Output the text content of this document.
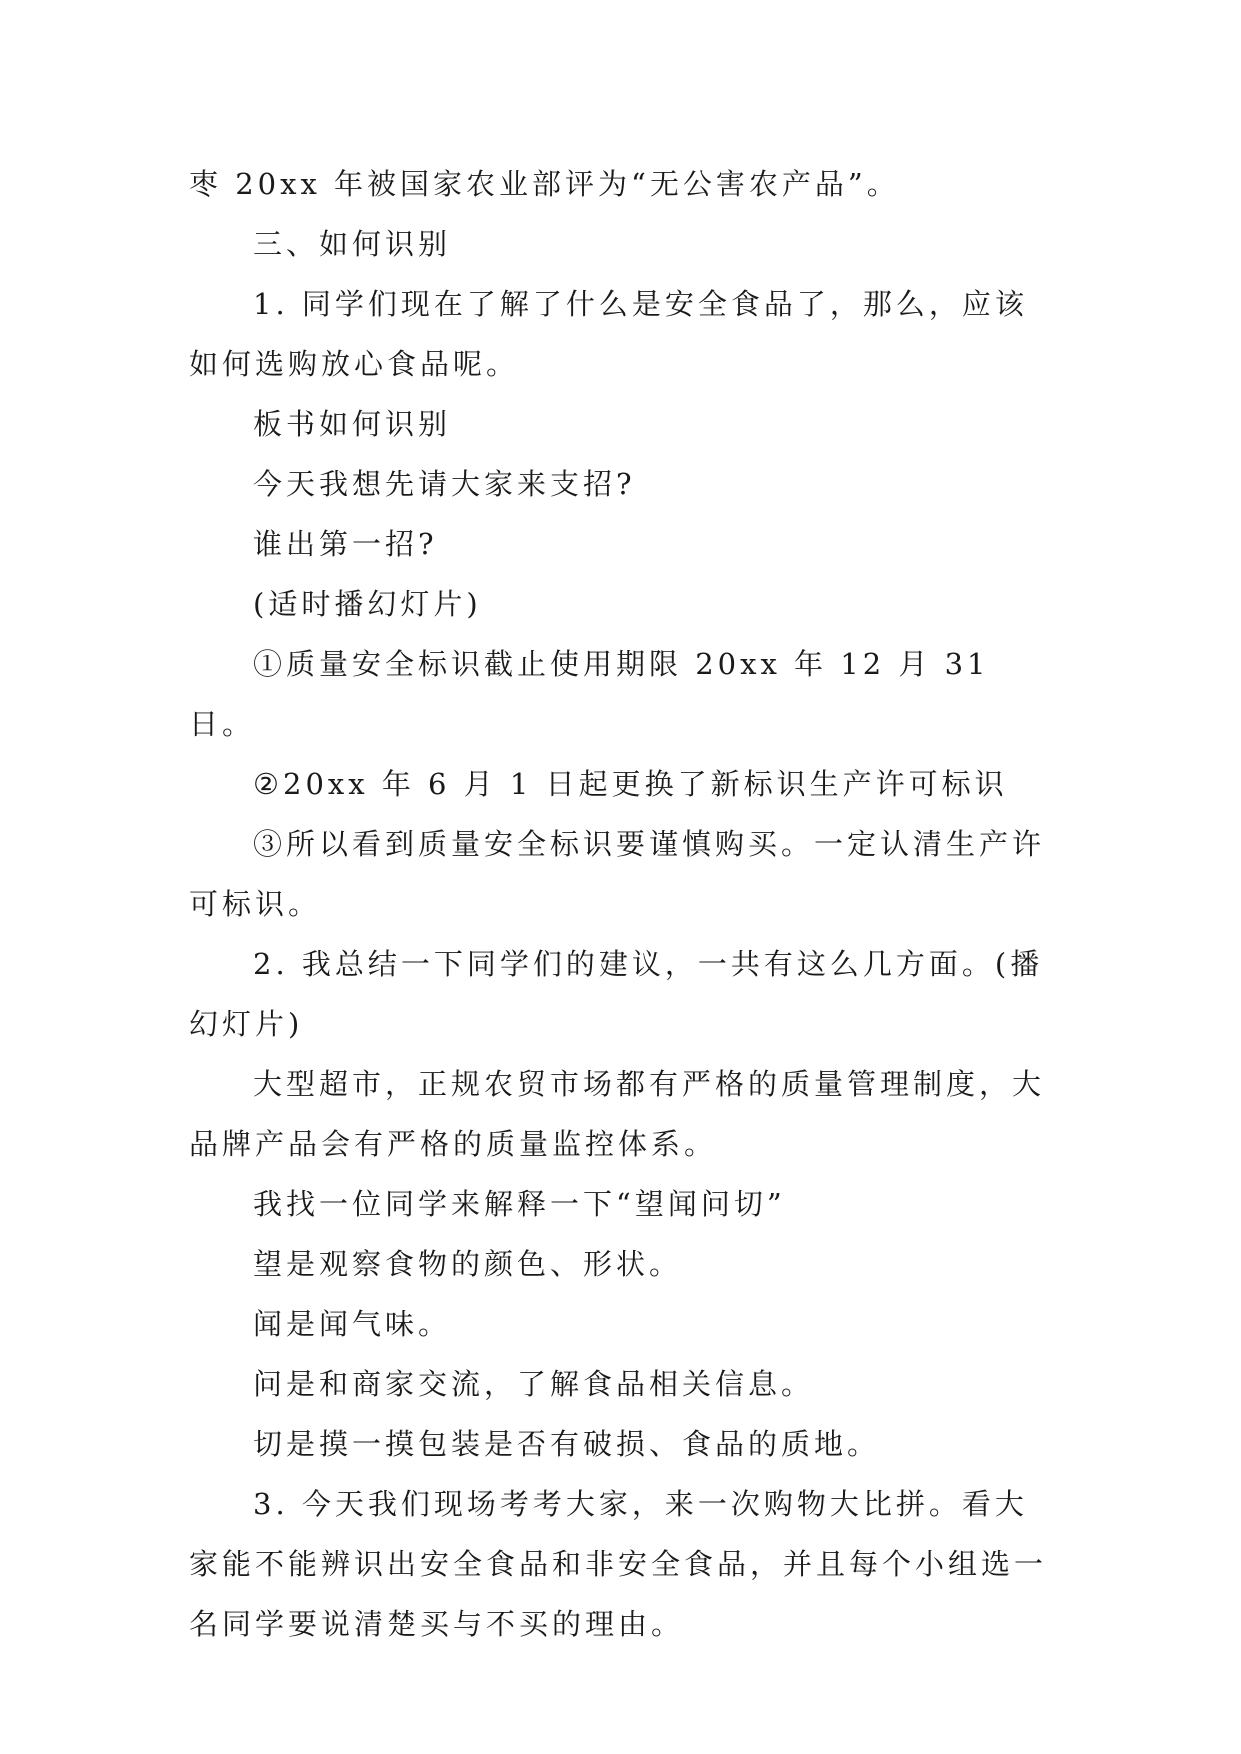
枣 20xx 年被国家农业部评为“无公害农产品”。

三、如何识别

1. 同学们现在了解了什么是安全食品了，那么，应该如何选购放心食品呢。

板书如何识别

今天我想先请大家来支招?

谁出第一招?

(适时播幻灯片)

①质量安全标识截止使用期限 20xx 年 12 月 31 日。

②20xx 年 6 月 1 日起更换了新标识生产许可标识

③所以看到质量安全标识要谨慎购买。一定认清生产许可标识。

2. 我总结一下同学们的建议，一共有这么几方面。(播幻灯片)

大型超市，正规农贸市场都有严格的质量管理制度，大品牌产品会有严格的质量监控体系。

我找一位同学来解释一下“望闻问切”

望是观察食物的颜色、形状。

闻是闻气味。

问是和商家交流，了解食品相关信息。

切是摸一摸包装是否有破损、食品的质地。

3. 今天我们现场考考大家，来一次购物大比拼。看大家能不能辨识出安全食品和非安全食品，并且每个小组选一名同学要说清楚买与不买的理由。
